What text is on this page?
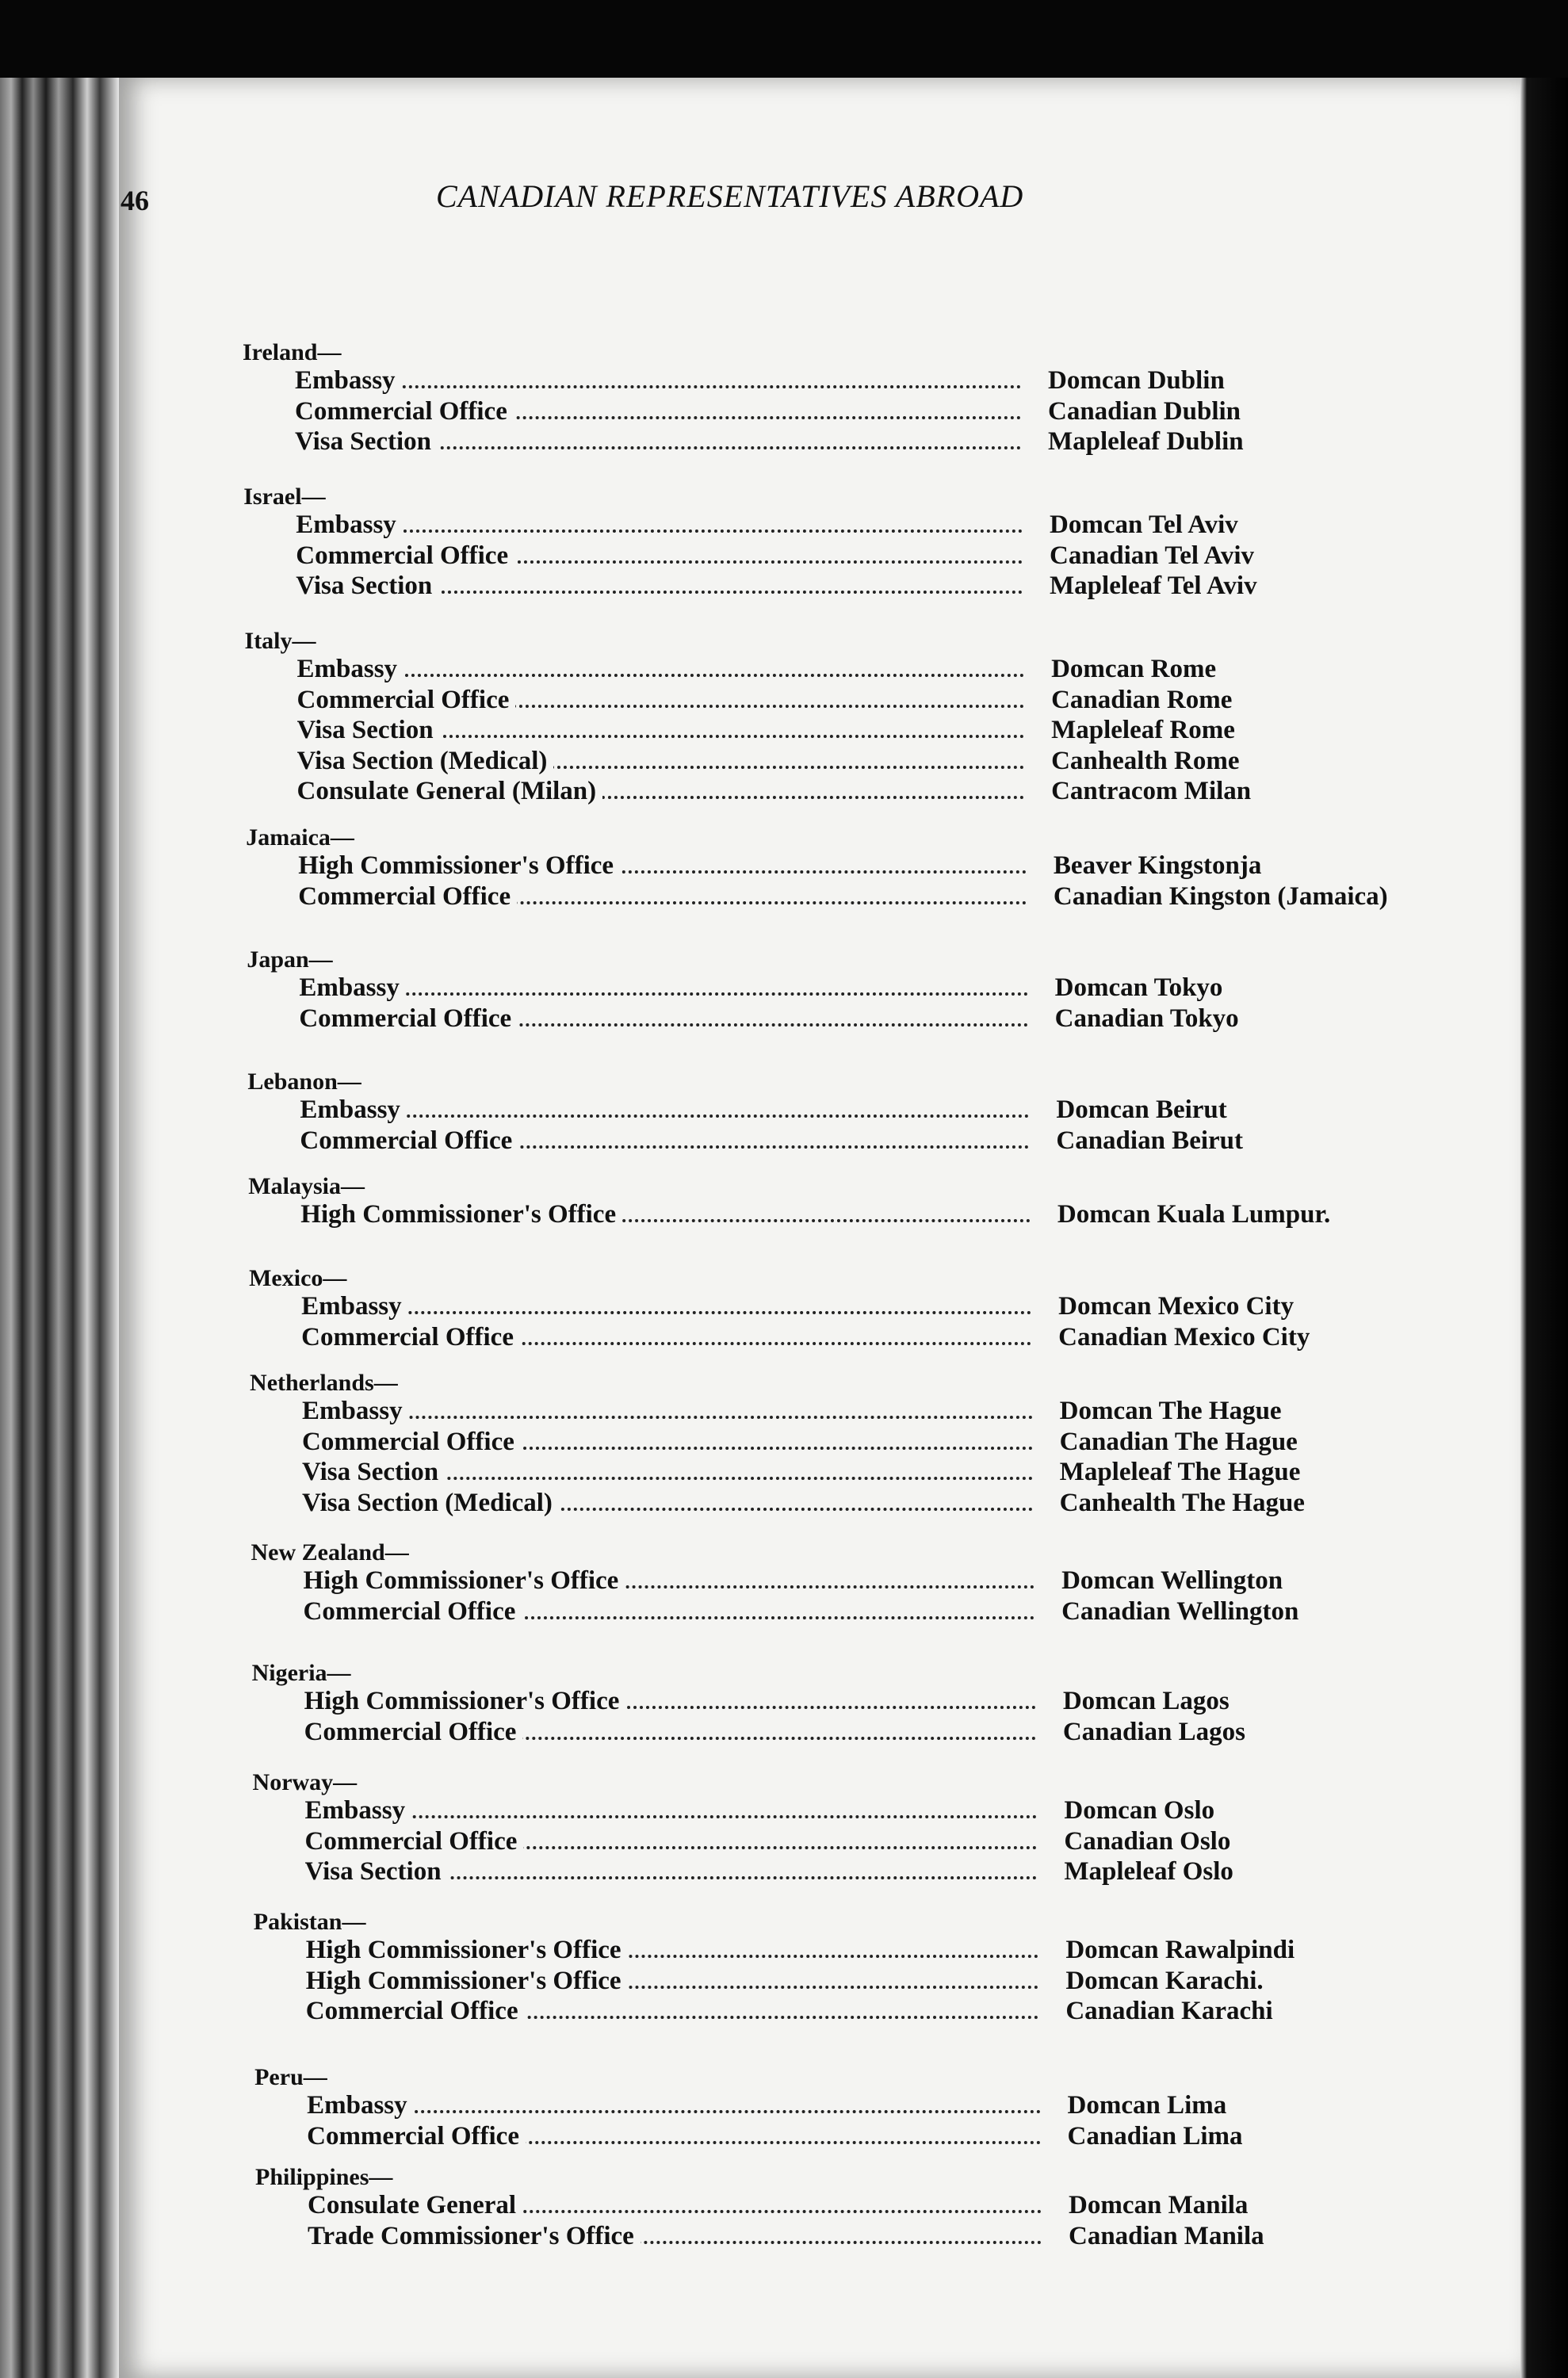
46	CANADIAN REPRESENTATIVES ABROAD
Ireland—
Embassy	Domcan Dublin
Commercial Office	Canadian Dublin
Visa Section	Mapleleaf Dublin
Israel—
Embassy	Domcan Tel Aviv
Commercial Office	Canadian Tel Aviv
Visa Section	Mapleleaf Tel Aviv
Italy—
Embassy	Domcan Rome
Commercial Office	Canadian Rome
Visa Section	Mapleleaf Rome
Visa Section (Medical)	Canhealth Rome
Consulate General (Milan)	Cantracom Milan
Jamaica—
High Commissioner's Office	Beaver Kingstonja
Commercial Office	Canadian Kingston (Jamaica)
Japan—
Embassy	Domcan Tokyo
Commercial Office	Canadian Tokyo
Lebanon—
Embassy	Domcan Beirut
Commercial Office	Canadian Beirut
Malaysia—
High Commissioner's Office	Domcan Kuala Lumpur.
Mexico—
Embassy	Domcan Mexico City
Commercial Office	Canadian Mexico City
Netherlands—
Embassy	Domcan The Hague
Commercial Office	Canadian The Hague
Visa Section	Mapleleaf The Hague
Visa Section (Medical)	Canhealth The Hague
New Zealand—
High Commissioner's Office	Domcan Wellington
Commercial Office	Canadian Wellington
Nigeria—
High Commissioner's Office	Domcan Lagos
Commercial Office	Canadian Lagos
Norway—
Embassy	Domcan Oslo
Commercial Office	Canadian Oslo
Visa Section	Mapleleaf Oslo
Pakistan—
High Commissioner's Office	Domcan Rawalpindi
High Commissioner's Office	Domcan Karachi.
Commercial Office	Canadian Karachi
Peru—
Embassy	Domcan Lima
Commercial Office	Canadian Lima
Philippines—
Consulate General	Domcan Manila
Trade Commissioner's Office	Canadian Manila
